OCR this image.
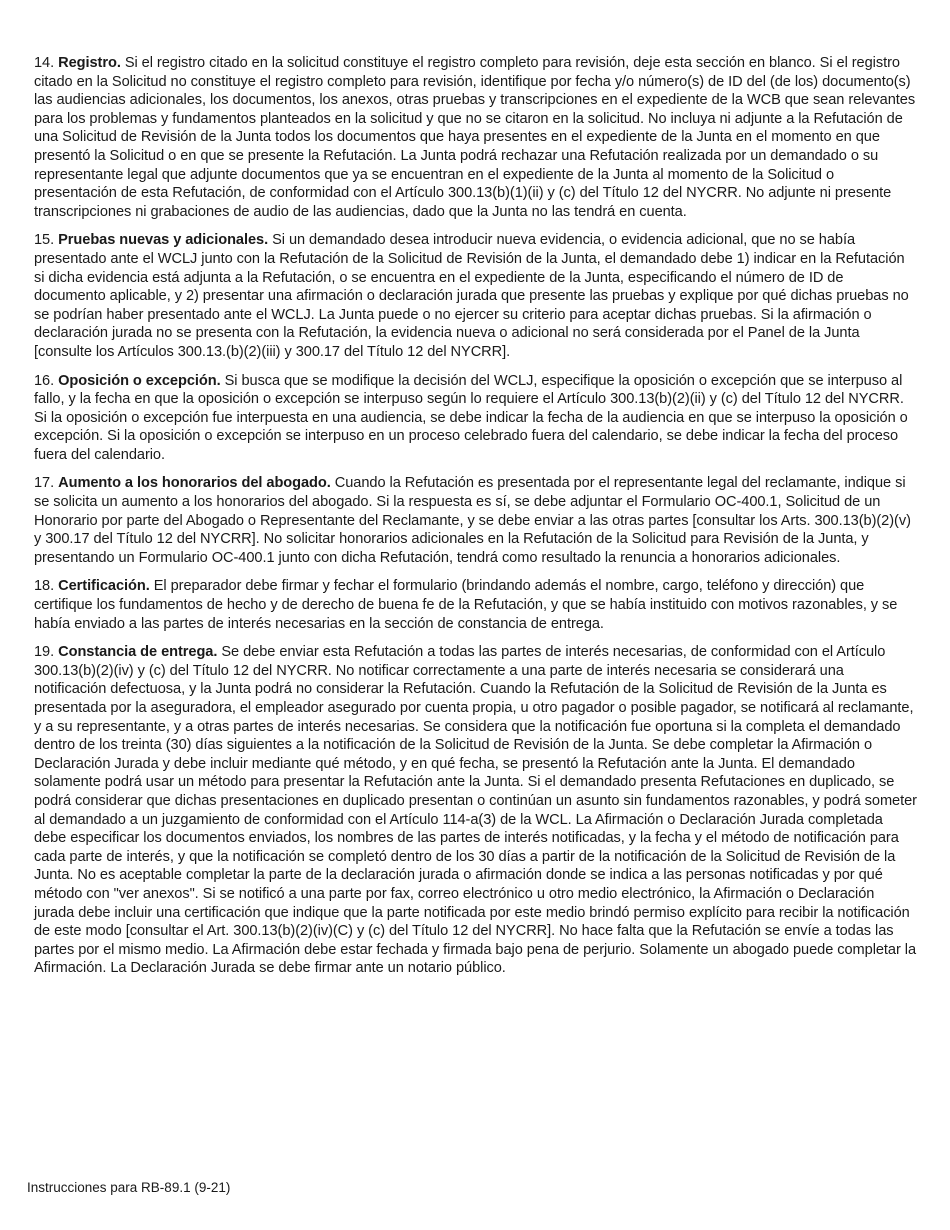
14. Registro. Si el registro citado en la solicitud constituye el registro completo para revisión, deje esta sección en blanco. Si el registro citado en la Solicitud no constituye el registro completo para revisión, identifique por fecha y/o número(s) de ID del (de los) documento(s) las audiencias adicionales, los documentos, los anexos, otras pruebas y transcripciones en el expediente de la WCB que sean relevantes para los problemas y fundamentos planteados en la solicitud y que no se citaron en la solicitud. No incluya ni adjunte a la Refutación de una Solicitud de Revisión de la Junta todos los documentos que haya presentes en el expediente de la Junta en el momento en que presentó la Solicitud o en que se presente la Refutación. La Junta podrá rechazar una Refutación realizada por un demandado o su representante legal que adjunte documentos que ya se encuentran en el expediente de la Junta al momento de la Solicitud o presentación de esta Refutación, de conformidad con el Artículo 300.13(b)(1)(ii) y (c) del Título 12 del NYCRR. No adjunte ni presente transcripciones ni grabaciones de audio de las audiencias, dado que la Junta no las tendrá en cuenta.

15. Pruebas nuevas y adicionales. Si un demandado desea introducir nueva evidencia, o evidencia adicional, que no se había presentado ante el WCLJ junto con la Refutación de la Solicitud de Revisión de la Junta, el demandado debe 1) indicar en la Refutación si dicha evidencia está adjunta a la Refutación, o se encuentra en el expediente de la Junta, especificando el número de ID de documento aplicable, y 2) presentar una afirmación o declaración jurada que presente las pruebas y explique por qué dichas pruebas no se podrían haber presentado ante el WCLJ. La Junta puede o no ejercer su criterio para aceptar dichas pruebas. Si la afirmación o declaración jurada no se presenta con la Refutación, la evidencia nueva o adicional no será considerada por el Panel de la Junta [consulte los Artículos 300.13.(b)(2)(iii) y 300.17 del Título 12 del NYCRR].

16. Oposición o excepción. Si busca que se modifique la decisión del WCLJ, especifique la oposición o excepción que se interpuso al fallo, y la fecha en que la oposición o excepción se interpuso según lo requiere el Artículo 300.13(b)(2)(ii) y (c) del Título 12 del NYCRR. Si la oposición o excepción fue interpuesta en una audiencia, se debe indicar la fecha de la audiencia en que se interpuso la oposición o excepción. Si la oposición o excepción se interpuso en un proceso celebrado fuera del calendario, se debe indicar la fecha del proceso fuera del calendario.

17. Aumento a los honorarios del abogado. Cuando la Refutación es presentada por el representante legal del reclamante, indique si se solicita un aumento a los honorarios del abogado. Si la respuesta es sí, se debe adjuntar el Formulario OC-400.1, Solicitud de un Honorario por parte del Abogado o Representante del Reclamante, y se debe enviar a las otras partes [consultar los Arts. 300.13(b)(2)(v) y 300.17 del Título 12 del NYCRR]. No solicitar honorarios adicionales en la Refutación de la Solicitud para Revisión de la Junta, y presentando un Formulario OC-400.1 junto con dicha Refutación, tendrá como resultado la renuncia a honorarios adicionales.

18. Certificación. El preparador debe firmar y fechar el formulario (brindando además el nombre, cargo, teléfono y dirección) que certifique los fundamentos de hecho y de derecho de buena fe de la Refutación, y que se había instituido con motivos razonables, y se había enviado a las partes de interés necesarias en la sección de constancia de entrega.

19. Constancia de entrega. Se debe enviar esta Refutación a todas las partes de interés necesarias, de conformidad con el Artículo 300.13(b)(2)(iv) y (c) del Título 12 del NYCRR. No notificar correctamente a una parte de interés necesaria se considerará una notificación defectuosa, y la Junta podrá no considerar la Refutación. Cuando la Refutación de la Solicitud de Revisión de la Junta es presentada por la aseguradora, el empleador asegurado por cuenta propia, u otro pagador o posible pagador, se notificará al reclamante, y a su representante, y a otras partes de interés necesarias. Se considera que la notificación fue oportuna si la completa el demandado dentro de los treinta (30) días siguientes a la notificación de la Solicitud de Revisión de la Junta. Se debe completar la Afirmación o Declaración Jurada y debe incluir mediante qué método, y en qué fecha, se presentó la Refutación ante la Junta. El demandado solamente podrá usar un método para presentar la Refutación ante la Junta. Si el demandado presenta Refutaciones en duplicado, se podrá considerar que dichas presentaciones en duplicado presentan o continúan un asunto sin fundamentos razonables, y podrá someter al demandado a un juzgamiento de conformidad con el Artículo 114-a(3) de la WCL. La Afirmación o Declaración Jurada completada debe especificar los documentos enviados, los nombres de las partes de interés notificadas, y la fecha y el método de notificación para cada parte de interés, y que la notificación se completó dentro de los 30 días a partir de la notificación de la Solicitud de Revisión de la Junta. No es aceptable completar la parte de la declaración jurada o afirmación donde se indica a las personas notificadas y por qué método con "ver anexos". Si se notificó a una parte por fax, correo electrónico u otro medio electrónico, la Afirmación o Declaración jurada debe incluir una certificación que indique que la parte notificada por este medio brindó permiso explícito para recibir la notificación de este modo [consultar el Art. 300.13(b)(2)(iv)(C) y (c) del Título 12 del NYCRR]. No hace falta que la Refutación se envíe a todas las partes por el mismo medio. La Afirmación debe estar fechada y firmada bajo pena de perjurio. Solamente un abogado puede completar la Afirmación. La Declaración Jurada se debe firmar ante un notario público.

Instrucciones para RB-89.1 (9-21)
